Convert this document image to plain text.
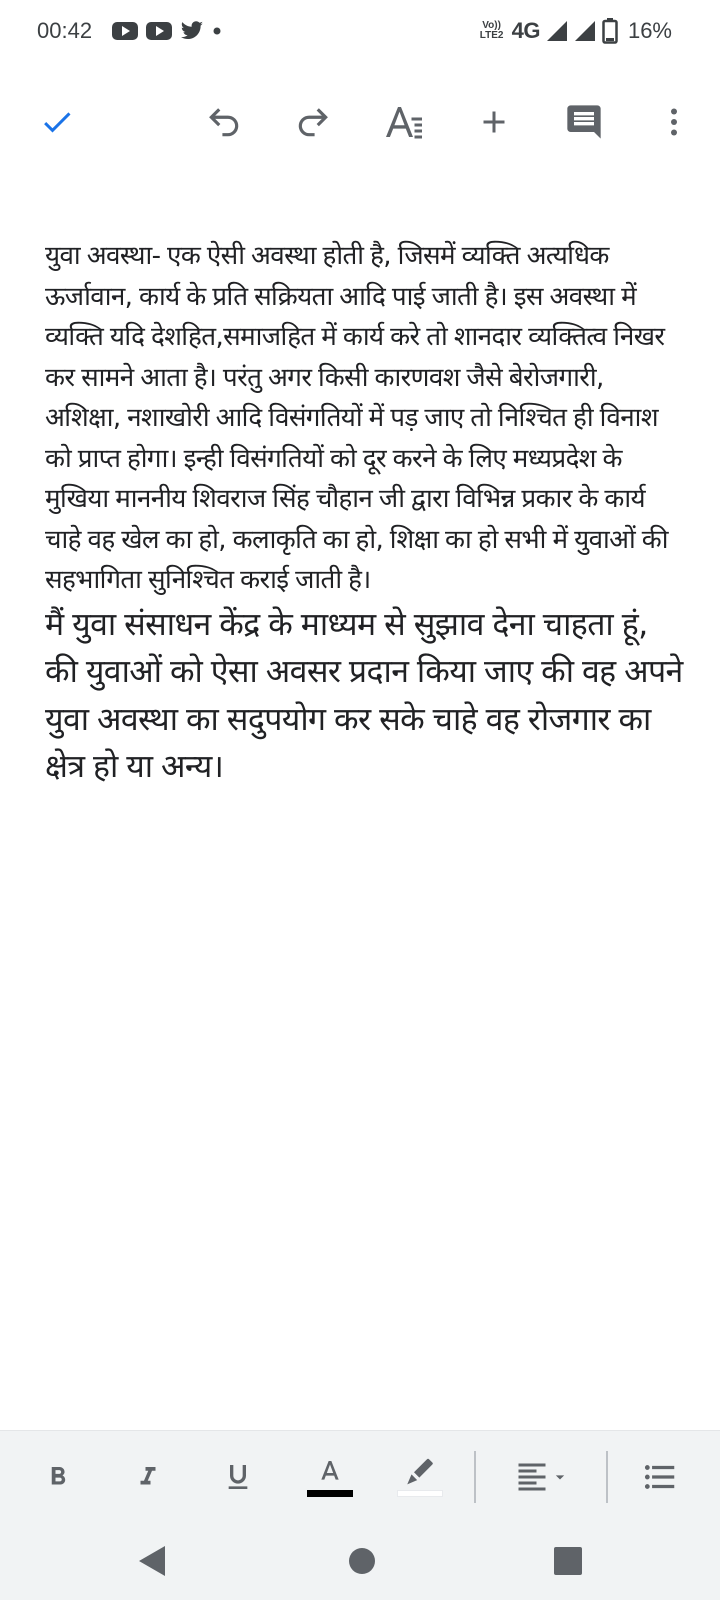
00:42	Vo)) LTE2 4G	16%

युवा अवस्था- एक ऐसी अवस्था होती है, जिसमें व्यक्ति अत्यधिक ऊर्जावान, कार्य के प्रति सक्रियता आदि पाई जाती है। इस अवस्था में व्यक्ति यदि देशहित,समाजहित में कार्य करे तो शानदार व्यक्तित्व निखर कर सामने आता है। परंतु अगर किसी कारणवश जैसे बेरोजगारी, अशिक्षा, नशाखोरी आदि विसंगतियों में पड़ जाए तो निश्चित ही विनाश को प्राप्त होगा। इन्ही विसंगतियों को दूर करने के लिए मध्यप्रदेश के मुखिया माननीय शिवराज सिंह चौहान जी द्वारा विभिन्न प्रकार के कार्य चाहे वह खेल का हो, कलाकृति का हो, शिक्षा का हो सभी में युवाओं की सहभागिता सुनिश्चित कराई जाती है।

मैं युवा संसाधन केंद्र के माध्यम से सुझाव देना चाहता हूं, की युवाओं को ऐसा अवसर प्रदान किया जाए की वह अपने युवा अवस्था का सदुपयोग कर सके चाहे वह रोजगार का क्षेत्र हो या अन्य।
